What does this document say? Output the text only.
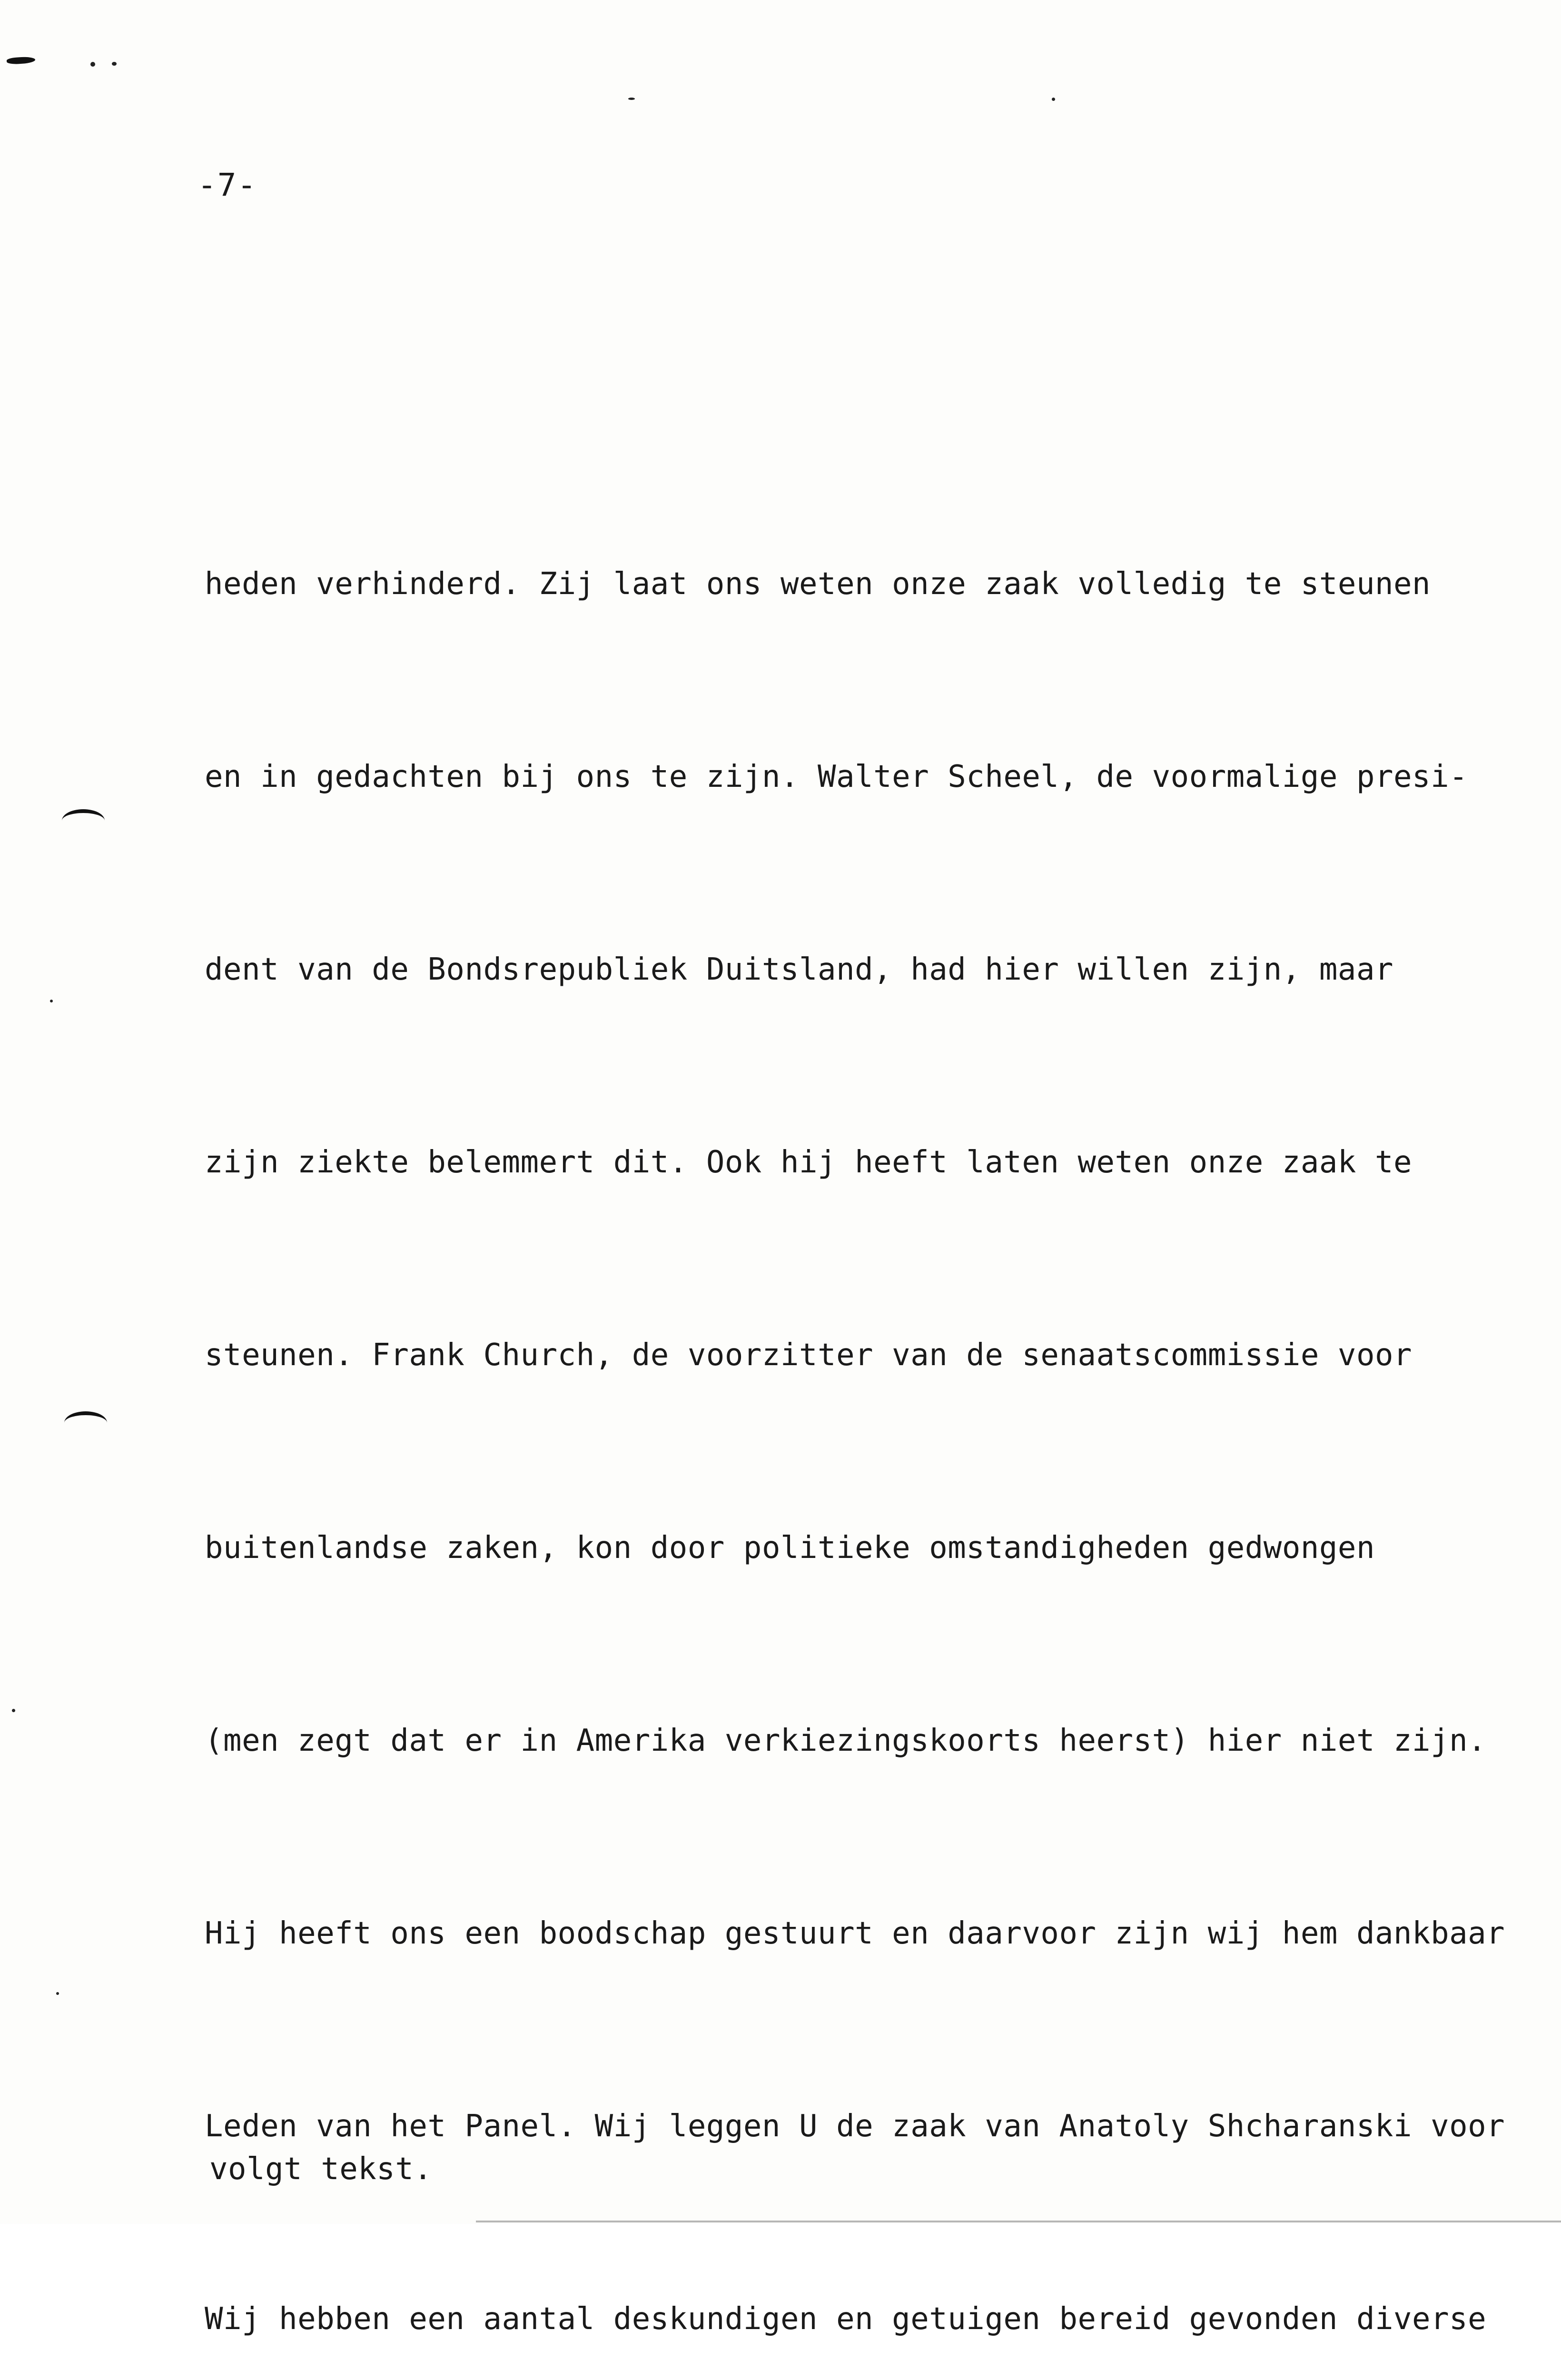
-7-

heden verhinderd. Zij laat ons weten onze zaak volledig te steunen

en in gedachten bij ons te zijn. Walter Scheel, de voormalige presi-

dent van de Bondsrepubliek Duitsland, had hier willen zijn, maar

zijn ziekte belemmert dit. Ook hij heeft laten weten onze zaak te

steunen. Frank Church, de voorzitter van de senaatscommissie voor

buitenlandse zaken, kon door politieke omstandigheden gedwongen

(men zegt dat er in Amerika verkiezingskoorts heerst) hier niet zijn.

Hij heeft ons een boodschap gestuurt en daarvoor zijn wij hem dankbaar

Leden van het Panel. Wij leggen U de zaak van Anatoly Shcharanski voor

Wij hebben een aantal deskundigen en getuigen bereid gevonden diverse

volgt tekst.
